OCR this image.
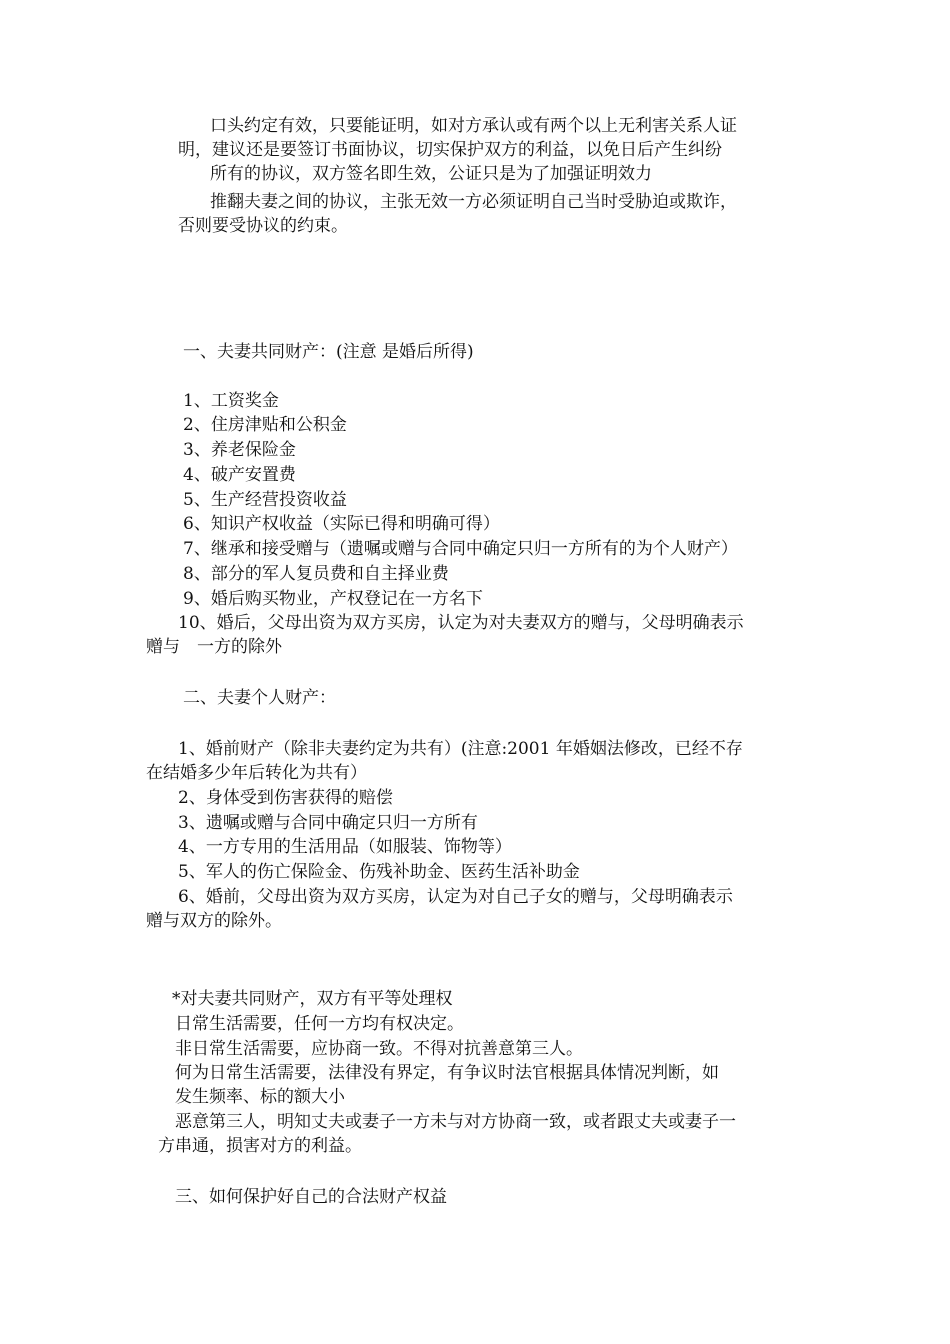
口头约定有效，只要能证明，如对方承认或有两个以上无利害关系人证

明，建议还是要签订书面协议，切实保护双方的利益，以免日后产生纠纷

所有的协议，双方签名即生效，公证只是为了加强证明效力

推翻夫妻之间的协议，主张无效一方必须证明自己当时受胁迫或欺诈，

否则要受协议的约束。

一、夫妻共同财产：(注意 是婚后所得)

1、工资奖金

2、住房津贴和公积金

3、养老保险金

4、破产安置费

5、生产经营投资收益

6、知识产权收益（实际已得和明确可得）

7、继承和接受赠与（遗嘱或赠与合同中确定只归一方所有的为个人财产）

8、部分的军人复员费和自主择业费

9、婚后购买物业，产权登记在一方名下

10、婚后，父母出资为双方买房，认定为对夫妻双方的赠与，父母明确表示

赠与　一方的除外

二、夫妻个人财产：

1、婚前财产（除非夫妻约定为共有）(注意:2001 年婚姻法修改，已经不存

在结婚多少年后转化为共有）

2、身体受到伤害获得的赔偿

3、遗嘱或赠与合同中确定只归一方所有

4、一方专用的生活用品（如服装、饰物等）

5、军人的伤亡保险金、伤残补助金、医药生活补助金

6、婚前，父母出资为双方买房，认定为对自己子女的赠与，父母明确表示

赠与双方的除外。

*对夫妻共同财产，双方有平等处理权

日常生活需要，任何一方均有权决定。

非日常生活需要，应协商一致。不得对抗善意第三人。

何为日常生活需要，法律没有界定，有争议时法官根据具体情况判断，如

发生频率、标的额大小

恶意第三人，明知丈夫或妻子一方未与对方协商一致，或者跟丈夫或妻子一

方串通，损害对方的利益。

三、如何保护好自己的合法财产权益
